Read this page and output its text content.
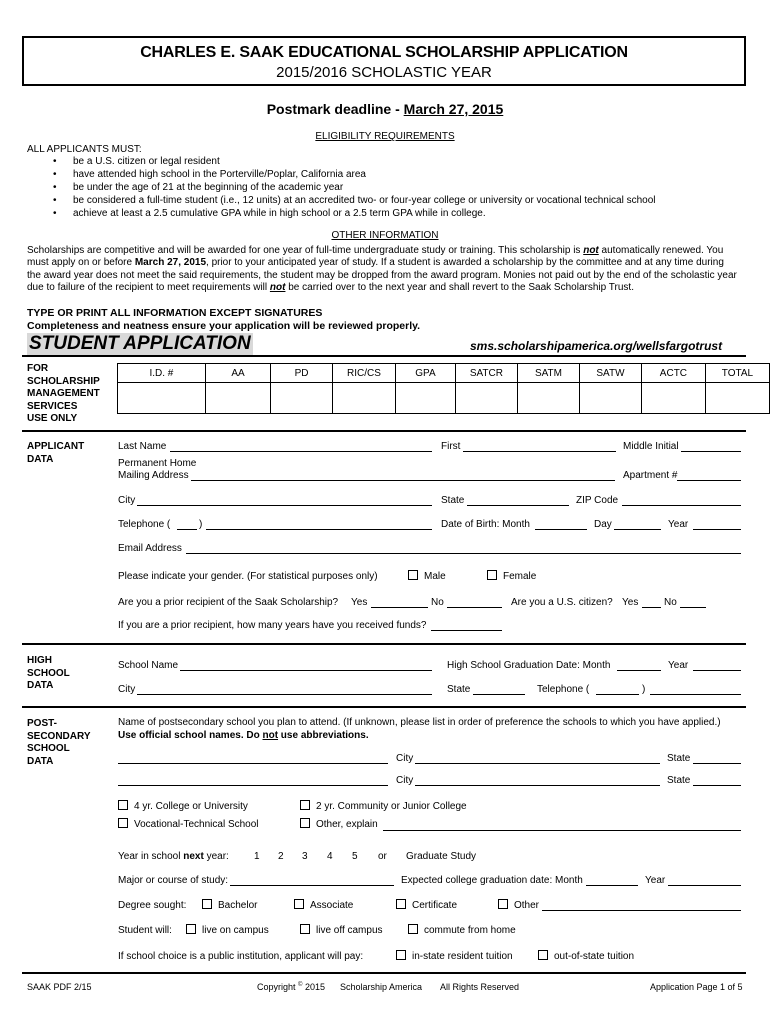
CHARLES E. SAAK EDUCATIONAL SCHOLARSHIP APPLICATION
2015/2016 SCHOLASTIC YEAR
Postmark deadline - March 27, 2015
ELIGIBILITY REQUIREMENTS
ALL APPLICANTS MUST:
• be a U.S. citizen or legal resident
• have attended high school in the Porterville/Poplar, California area
• be under the age of 21 at the beginning of the academic year
• be considered a full-time student (i.e., 12 units) at an accredited two- or four-year college or university or vocational technical school
• achieve at least a 2.5 cumulative GPA while in high school or a 2.5 term GPA while in college.
OTHER INFORMATION
Scholarships are competitive and will be awarded for one year of full-time undergraduate study or training. This scholarship is not automatically renewed. You
must apply on or before March 27, 2015, prior to your anticipated year of study. If a student is awarded a scholarship by the committee and at any time during
the award year does not meet the said requirements, the student may be dropped from the award program. Monies not paid out by the end of the scholastic year
due to failure of the recipient to meet requirements will not be carried over to the next year and shall revert to the Saak Scholarship Trust.
TYPE OR PRINT ALL INFORMATION EXCEPT SIGNATURES
Completeness and neatness ensure your application will be reviewed properly.
STUDENT APPLICATION	sms.scholarshipamerica.org/wellsfargotrust
FOR
SCHOLARSHIP
MANAGEMENT
SERVICES
USE ONLY
I.D. #	AA	PD	RIC/CS	GPA	SATCR	SATM	SATW	ACTC	TOTAL

APPLICANT
DATA
Last Name	First	Middle Initial
Permanent Home
Mailing Address	Apartment #
City	State	ZIP Code
Telephone (	)	Date of Birth: Month	Day	Year
Email Address
Please indicate your gender. (For statistical purposes only)	Male	Female
Are you a prior recipient of the Saak Scholarship? Yes	No	Are you a U.S. citizen? Yes	No
If you are a prior recipient, how many years have you received funds?
HIGH
SCHOOL
DATA
School Name	High School Graduation Date: Month	Year
City	State	Telephone (	)
POST-
SECONDARY
SCHOOL
DATA
Name of postsecondary school you plan to attend. (If unknown, please list in order of preference the schools to which you have applied.)
Use official school names. Do not use abbreviations.
City	State
City	State
4 yr. College or University	2 yr. Community or Junior College
Vocational-Technical School	Other, explain
Year in school next year:	1 2 3 4 5 or Graduate Study
Major or course of study:	Expected college graduation date: Month	Year
Degree sought:	Bachelor	Associate	Certificate	Other
Student will:	live on campus	live off campus	commute from home
If school choice is a public institution, applicant will pay:	in-state resident tuition	out-of-state tuition
SAAK PDF 2/15	Copyright © 2015 Scholarship America All Rights Reserved	Application Page 1 of 5
